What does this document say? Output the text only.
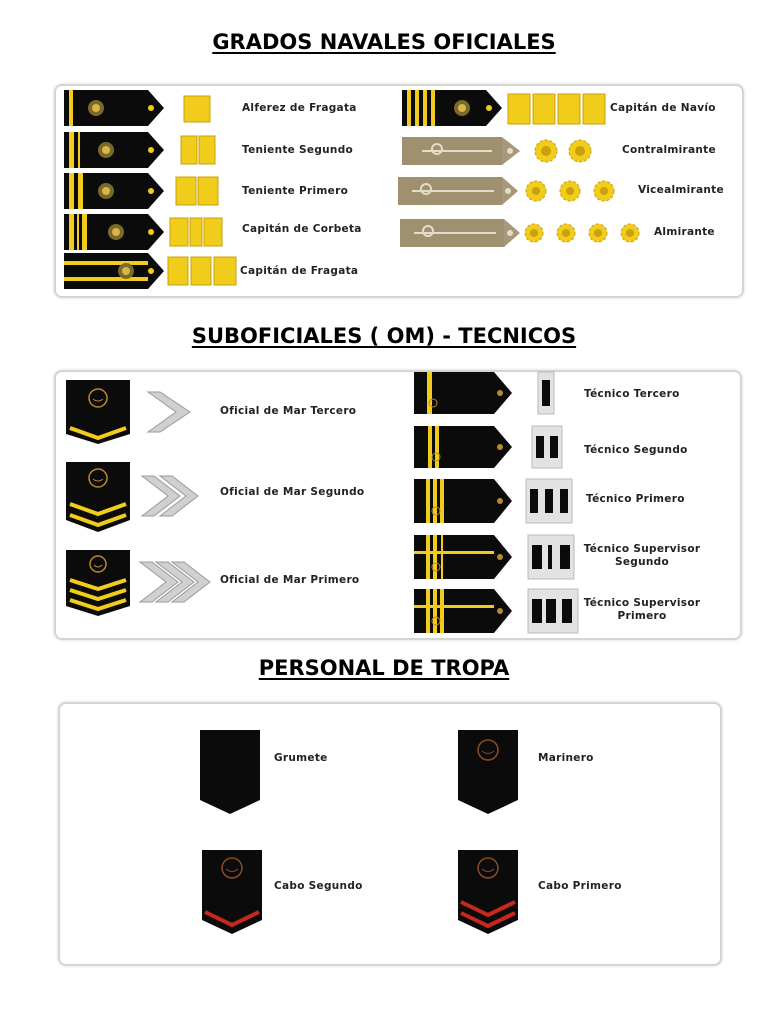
GRADOS NAVALES OFICIALES
Alferez de Fragata
Teniente Segundo
Teniente Primero
Capitán de Corbeta
Capitán de Fragata
Capitán de Navío
Contralmirante
Vicealmirante
Almirante
SUBOFICIALES ( OM) - TECNICOS
Oficial de Mar Tercero
Oficial de Mar Segundo
Oficial de Mar Primero
Técnico Tercero
Técnico Segundo
Técnico Primero
Técnico Supervisor
Segundo
Técnico Supervisor
Primero
PERSONAL DE TROPA
Grumete	Marinero
Cabo Segundo	Cabo Primero
